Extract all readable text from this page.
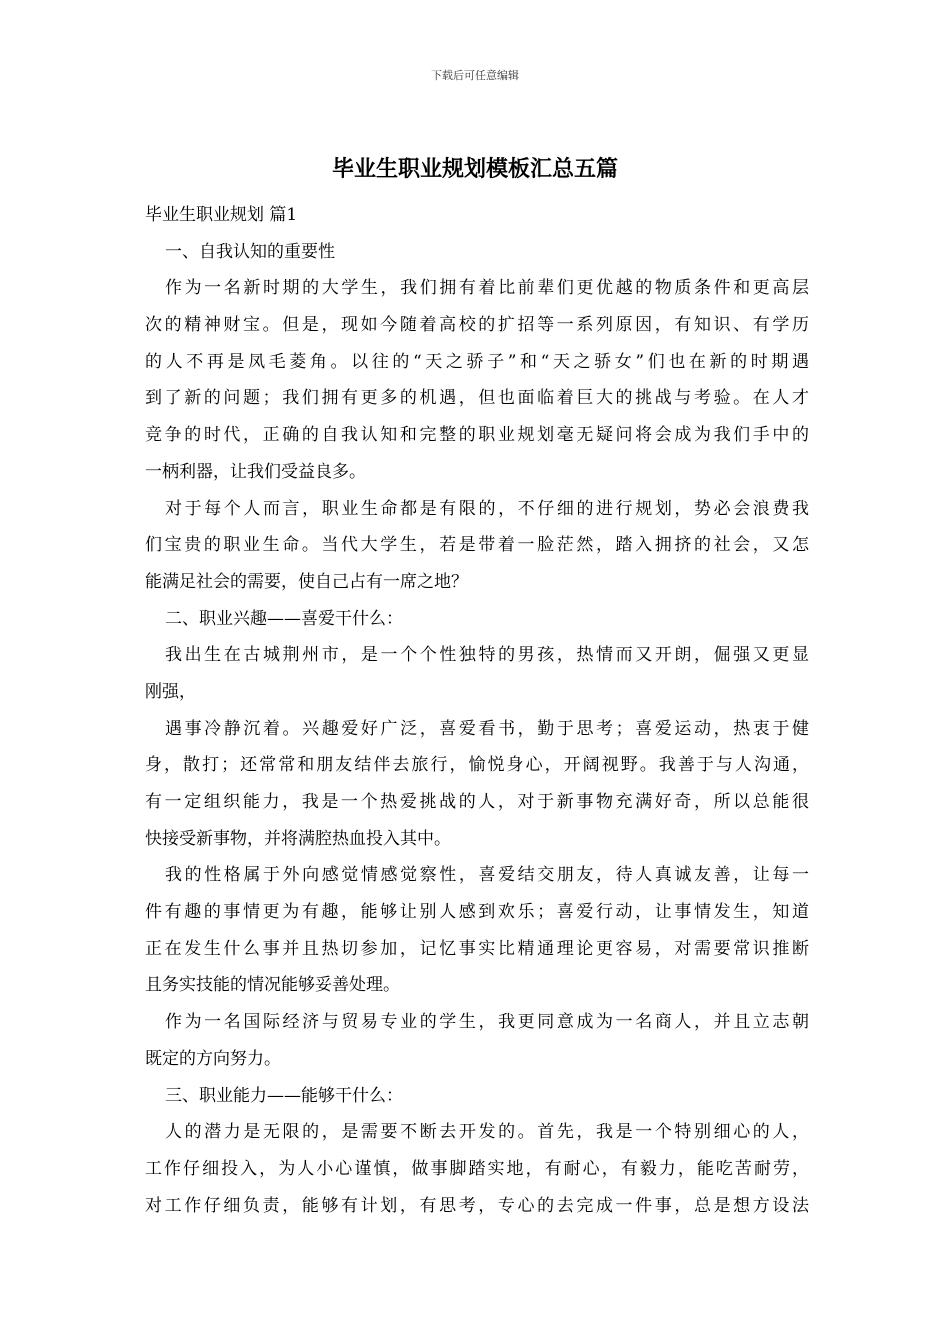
下载后可任意编辑
毕业生职业规划模板汇总五篇
毕业生职业规划 篇1
一、自我认知的重要性
作为一名新时期的大学生，我们拥有着比前辈们更优越的物质条件和更高层
次的精神财宝。但是，现如今随着高校的扩招等一系列原因，有知识、有学历
的人不再是凤毛菱角。以往的“天之骄子”和“天之骄女”们也在新的时期遇
到了新的问题；我们拥有更多的机遇，但也面临着巨大的挑战与考验。在人才
竞争的时代，正确的自我认知和完整的职业规划毫无疑问将会成为我们手中的
一柄利器，让我们受益良多。
对于每个人而言，职业生命都是有限的，不仔细的进行规划，势必会浪费我
们宝贵的职业生命。当代大学生，若是带着一脸茫然，踏入拥挤的社会，又怎
能满足社会的需要，使自己占有一席之地？
二、职业兴趣——喜爱干什么：
我出生在古城荆州市，是一个个性独特的男孩，热情而又开朗，倔强又更显
刚强，
遇事冷静沉着。兴趣爱好广泛，喜爱看书，勤于思考；喜爱运动，热衷于健
身，散打；还常常和朋友结伴去旅行，愉悦身心，开阔视野。我善于与人沟通，
有一定组织能力，我是一个热爱挑战的人，对于新事物充满好奇，所以总能很
快接受新事物，并将满腔热血投入其中。
我的性格属于外向感觉情感觉察性，喜爱结交朋友，待人真诚友善，让每一
件有趣的事情更为有趣，能够让别人感到欢乐；喜爱行动，让事情发生，知道
正在发生什么事并且热切参加，记忆事实比精通理论更容易，对需要常识推断
且务实技能的情况能够妥善处理。
作为一名国际经济与贸易专业的学生，我更同意成为一名商人，并且立志朝
既定的方向努力。
三、职业能力——能够干什么：
人的潜力是无限的，是需要不断去开发的。首先，我是一个特别细心的人，
工作仔细投入，为人小心谨慎，做事脚踏实地，有耐心，有毅力，能吃苦耐劳，
对工作仔细负责，能够有计划，有思考，专心的去完成一件事，总是想方设法
